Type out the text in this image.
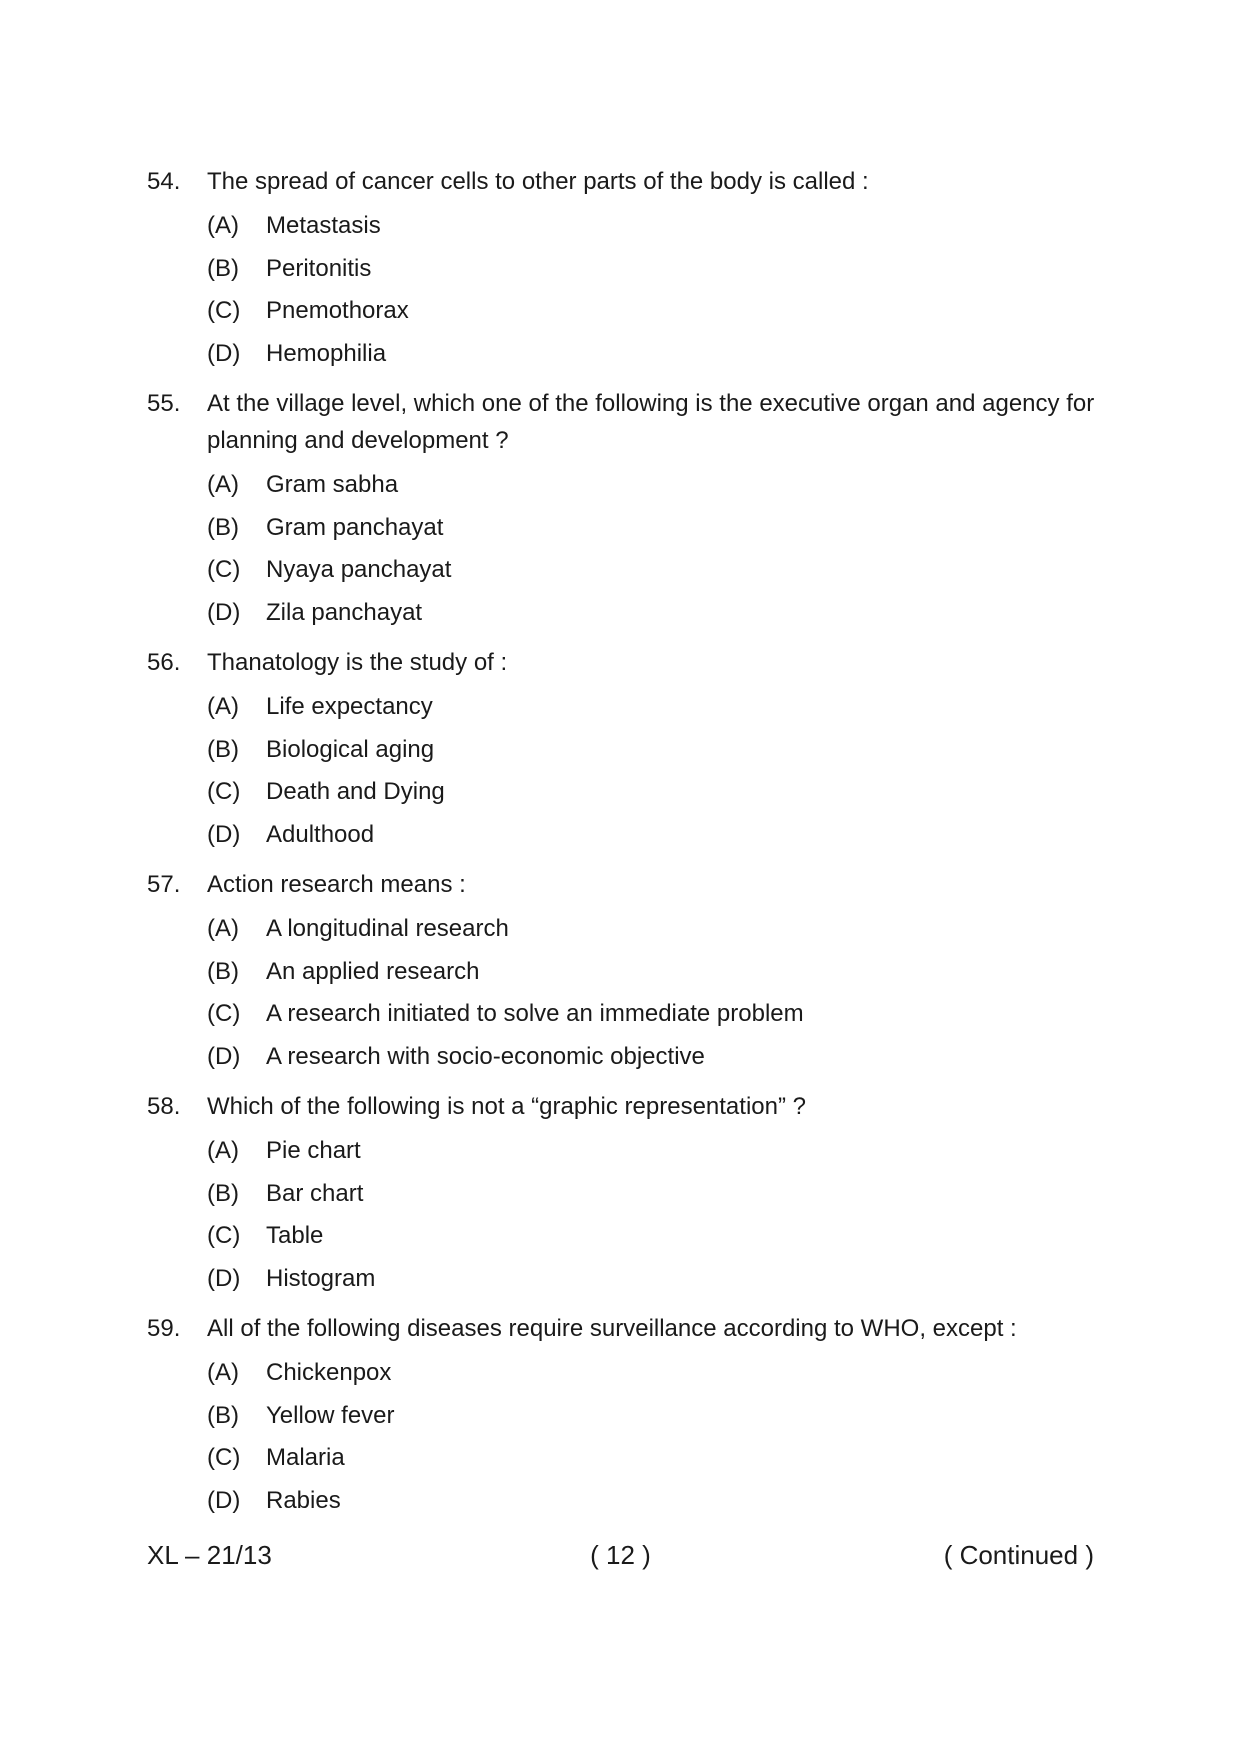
54.	The spread of cancer cells to other parts of the body is called :
(A)	Metastasis
(B)	Peritonitis
(C)	Pnemothorax
(D)	Hemophilia
55.	At the village level, which one of the following is the executive organ and agency for planning and development ?
(A)	Gram sabha
(B)	Gram panchayat
(C)	Nyaya panchayat
(D)	Zila panchayat
56.	Thanatology is the study of :
(A)	Life expectancy
(B)	Biological aging
(C)	Death and Dying
(D)	Adulthood
57.	Action research means :
(A)	A longitudinal research
(B)	An applied research
(C)	A research initiated to solve an immediate problem
(D)	A research with socio-economic objective
58.	Which of the following is not a “graphic representation” ?
(A)	Pie chart
(B)	Bar chart
(C)	Table
(D)	Histogram
59.	All of the following diseases require surveillance according to WHO, except :
(A)	Chickenpox
(B)	Yellow fever
(C)	Malaria
(D)	Rabies
XL – 21/13	( 12 )	( Continued )
